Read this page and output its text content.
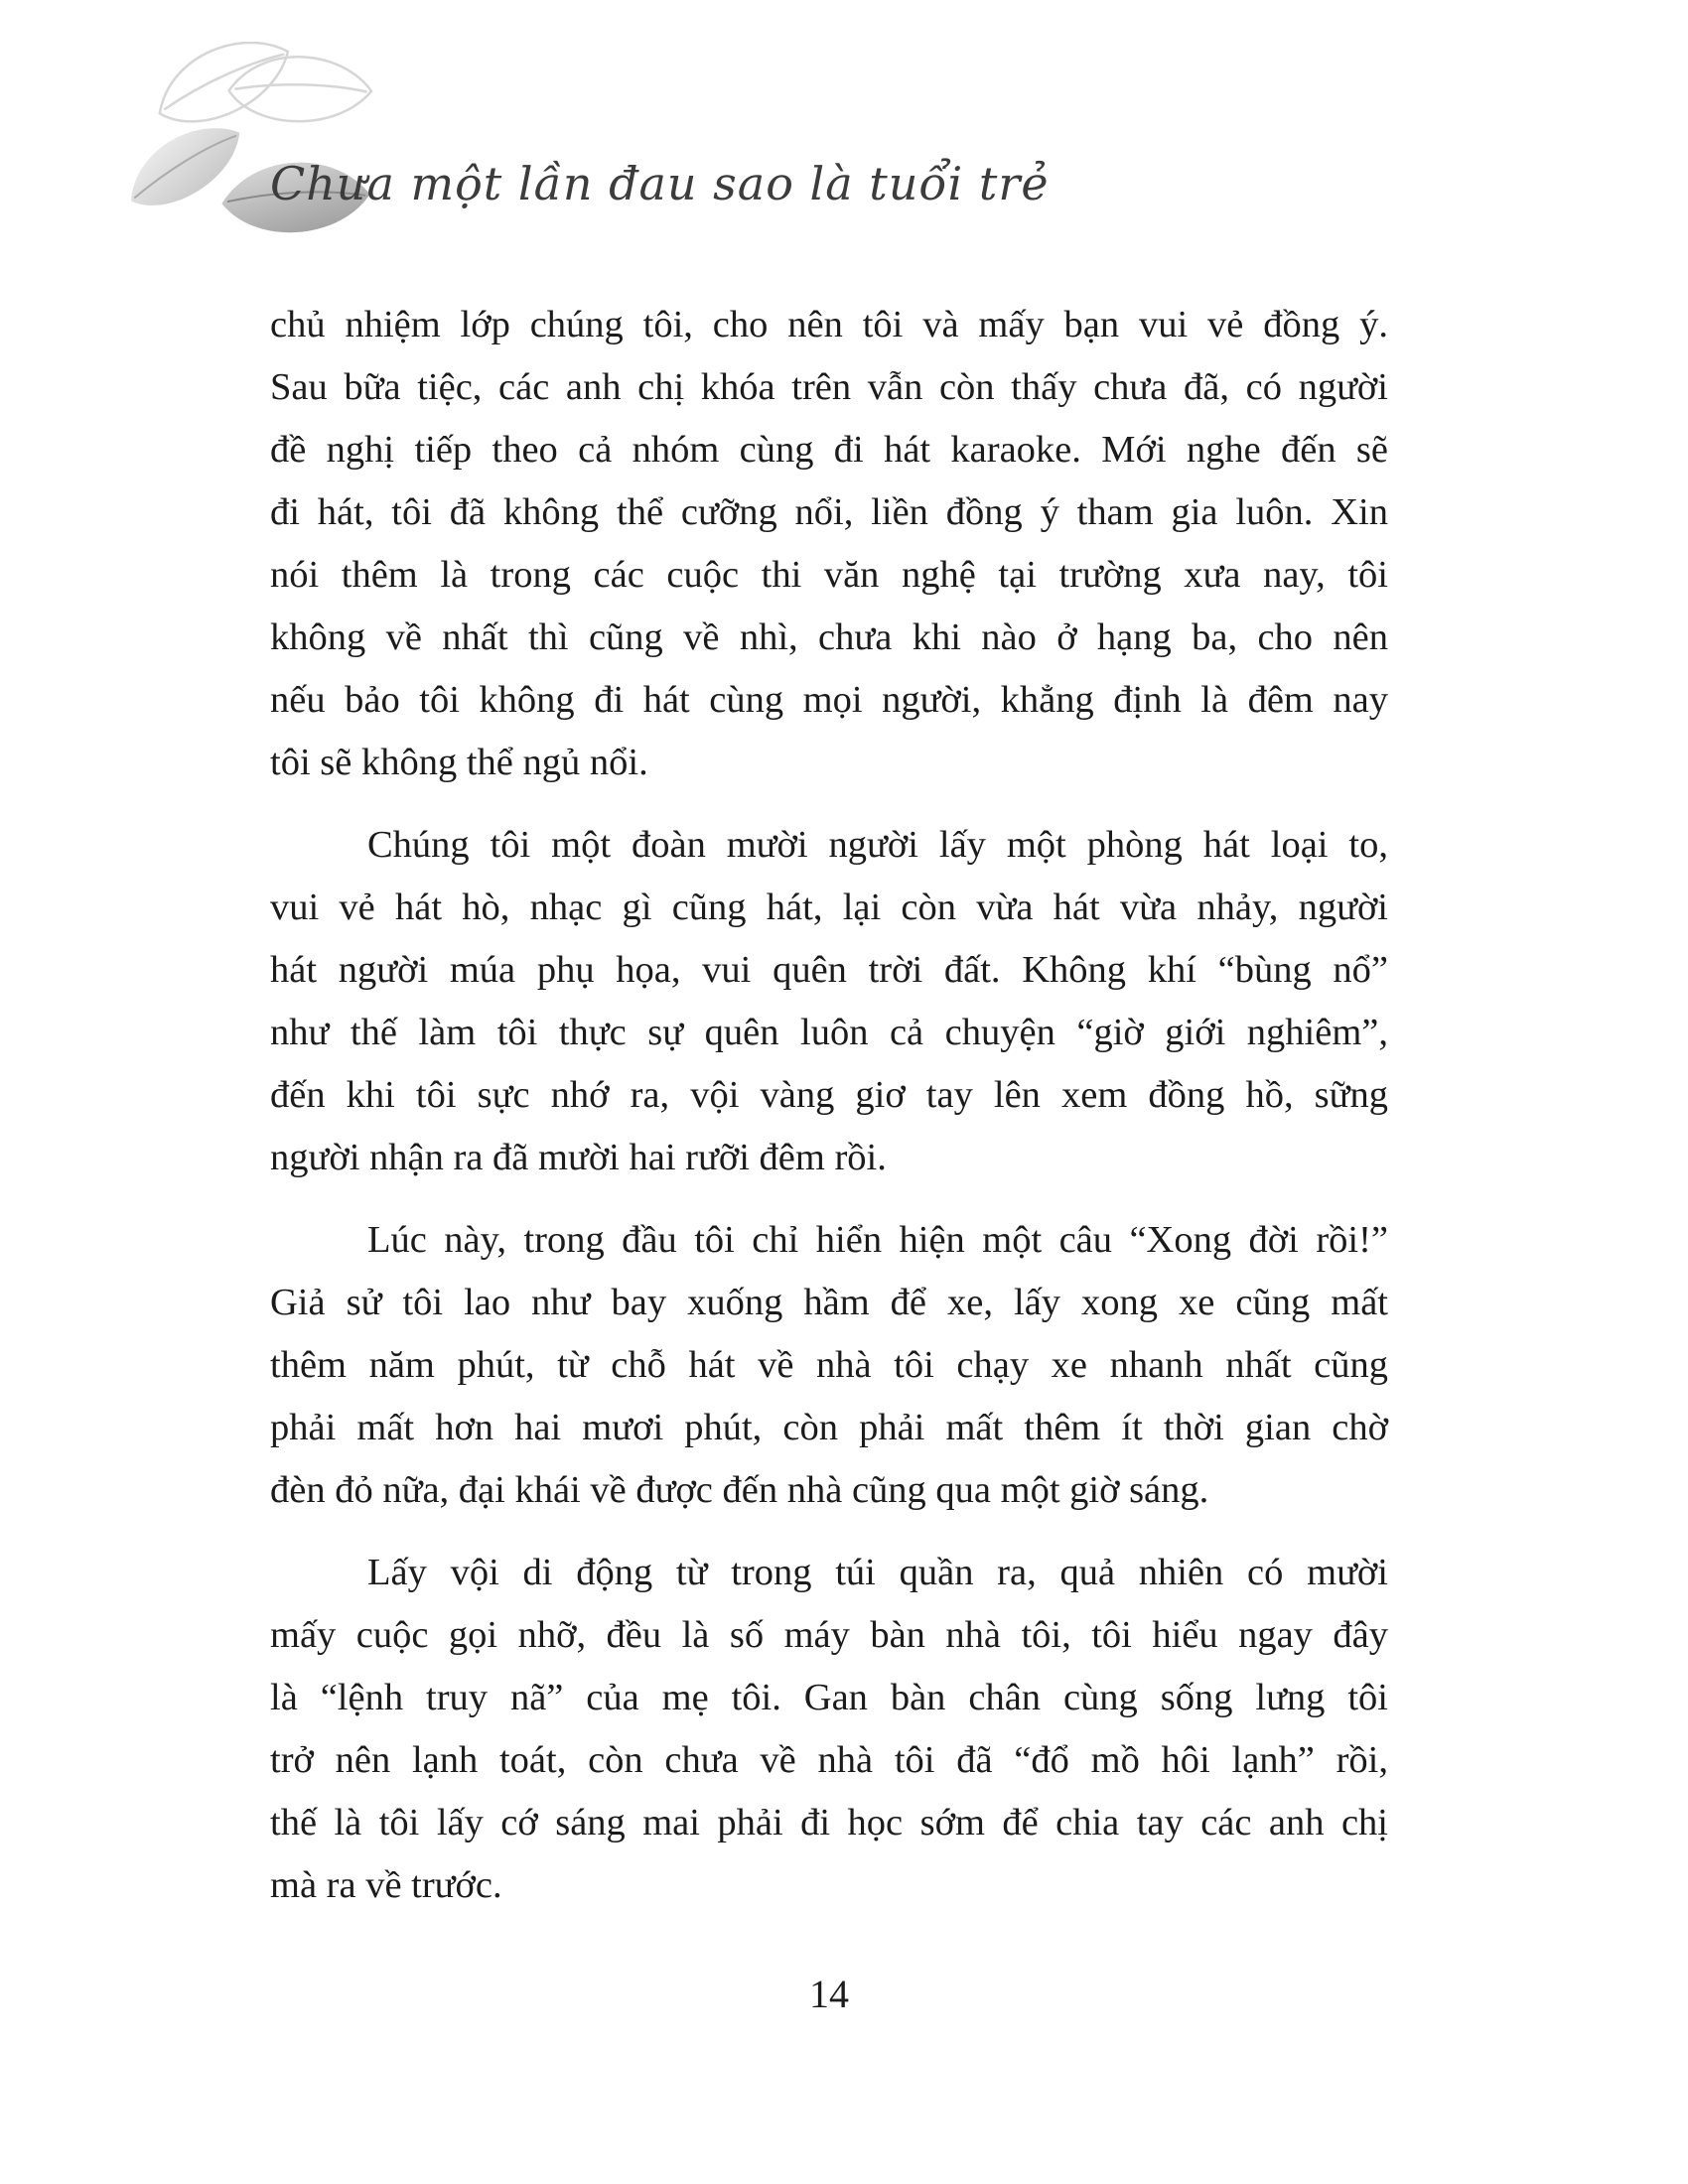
Chưa một lần đau sao là tuổi trẻ
chủ nhiệm lớp chúng tôi, cho nên tôi và mấy bạn vui vẻ đồng ý.
Sau bữa tiệc, các anh chị khóa trên vẫn còn thấy chưa đã, có người
đề nghị tiếp theo cả nhóm cùng đi hát karaoke. Mới nghe đến sẽ
đi hát, tôi đã không thể cưỡng nổi, liền đồng ý tham gia luôn. Xin
nói thêm là trong các cuộc thi văn nghệ tại trường xưa nay, tôi
không về nhất thì cũng về nhì, chưa khi nào ở hạng ba, cho nên
nếu bảo tôi không đi hát cùng mọi người, khẳng định là đêm nay
tôi sẽ không thể ngủ nổi.
Chúng tôi một đoàn mười người lấy một phòng hát loại to,
vui vẻ hát hò, nhạc gì cũng hát, lại còn vừa hát vừa nhảy, người
hát người múa phụ họa, vui quên trời đất. Không khí “bùng nổ”
như thế làm tôi thực sự quên luôn cả chuyện “giờ giới nghiêm”,
đến khi tôi sực nhớ ra, vội vàng giơ tay lên xem đồng hồ, sững
người nhận ra đã mười hai rưỡi đêm rồi.
Lúc này, trong đầu tôi chỉ hiển hiện một câu “Xong đời rồi!”
Giả sử tôi lao như bay xuống hầm để xe, lấy xong xe cũng mất
thêm năm phút, từ chỗ hát về nhà tôi chạy xe nhanh nhất cũng
phải mất hơn hai mươi phút, còn phải mất thêm ít thời gian chờ
đèn đỏ nữa, đại khái về được đến nhà cũng qua một giờ sáng.
Lấy vội di động từ trong túi quần ra, quả nhiên có mười
mấy cuộc gọi nhỡ, đều là số máy bàn nhà tôi, tôi hiểu ngay đây
là “lệnh truy nã” của mẹ tôi. Gan bàn chân cùng sống lưng tôi
trở nên lạnh toát, còn chưa về nhà tôi đã “đổ mồ hôi lạnh” rồi,
thế là tôi lấy cớ sáng mai phải đi học sớm để chia tay các anh chị
mà ra về trước.
14
